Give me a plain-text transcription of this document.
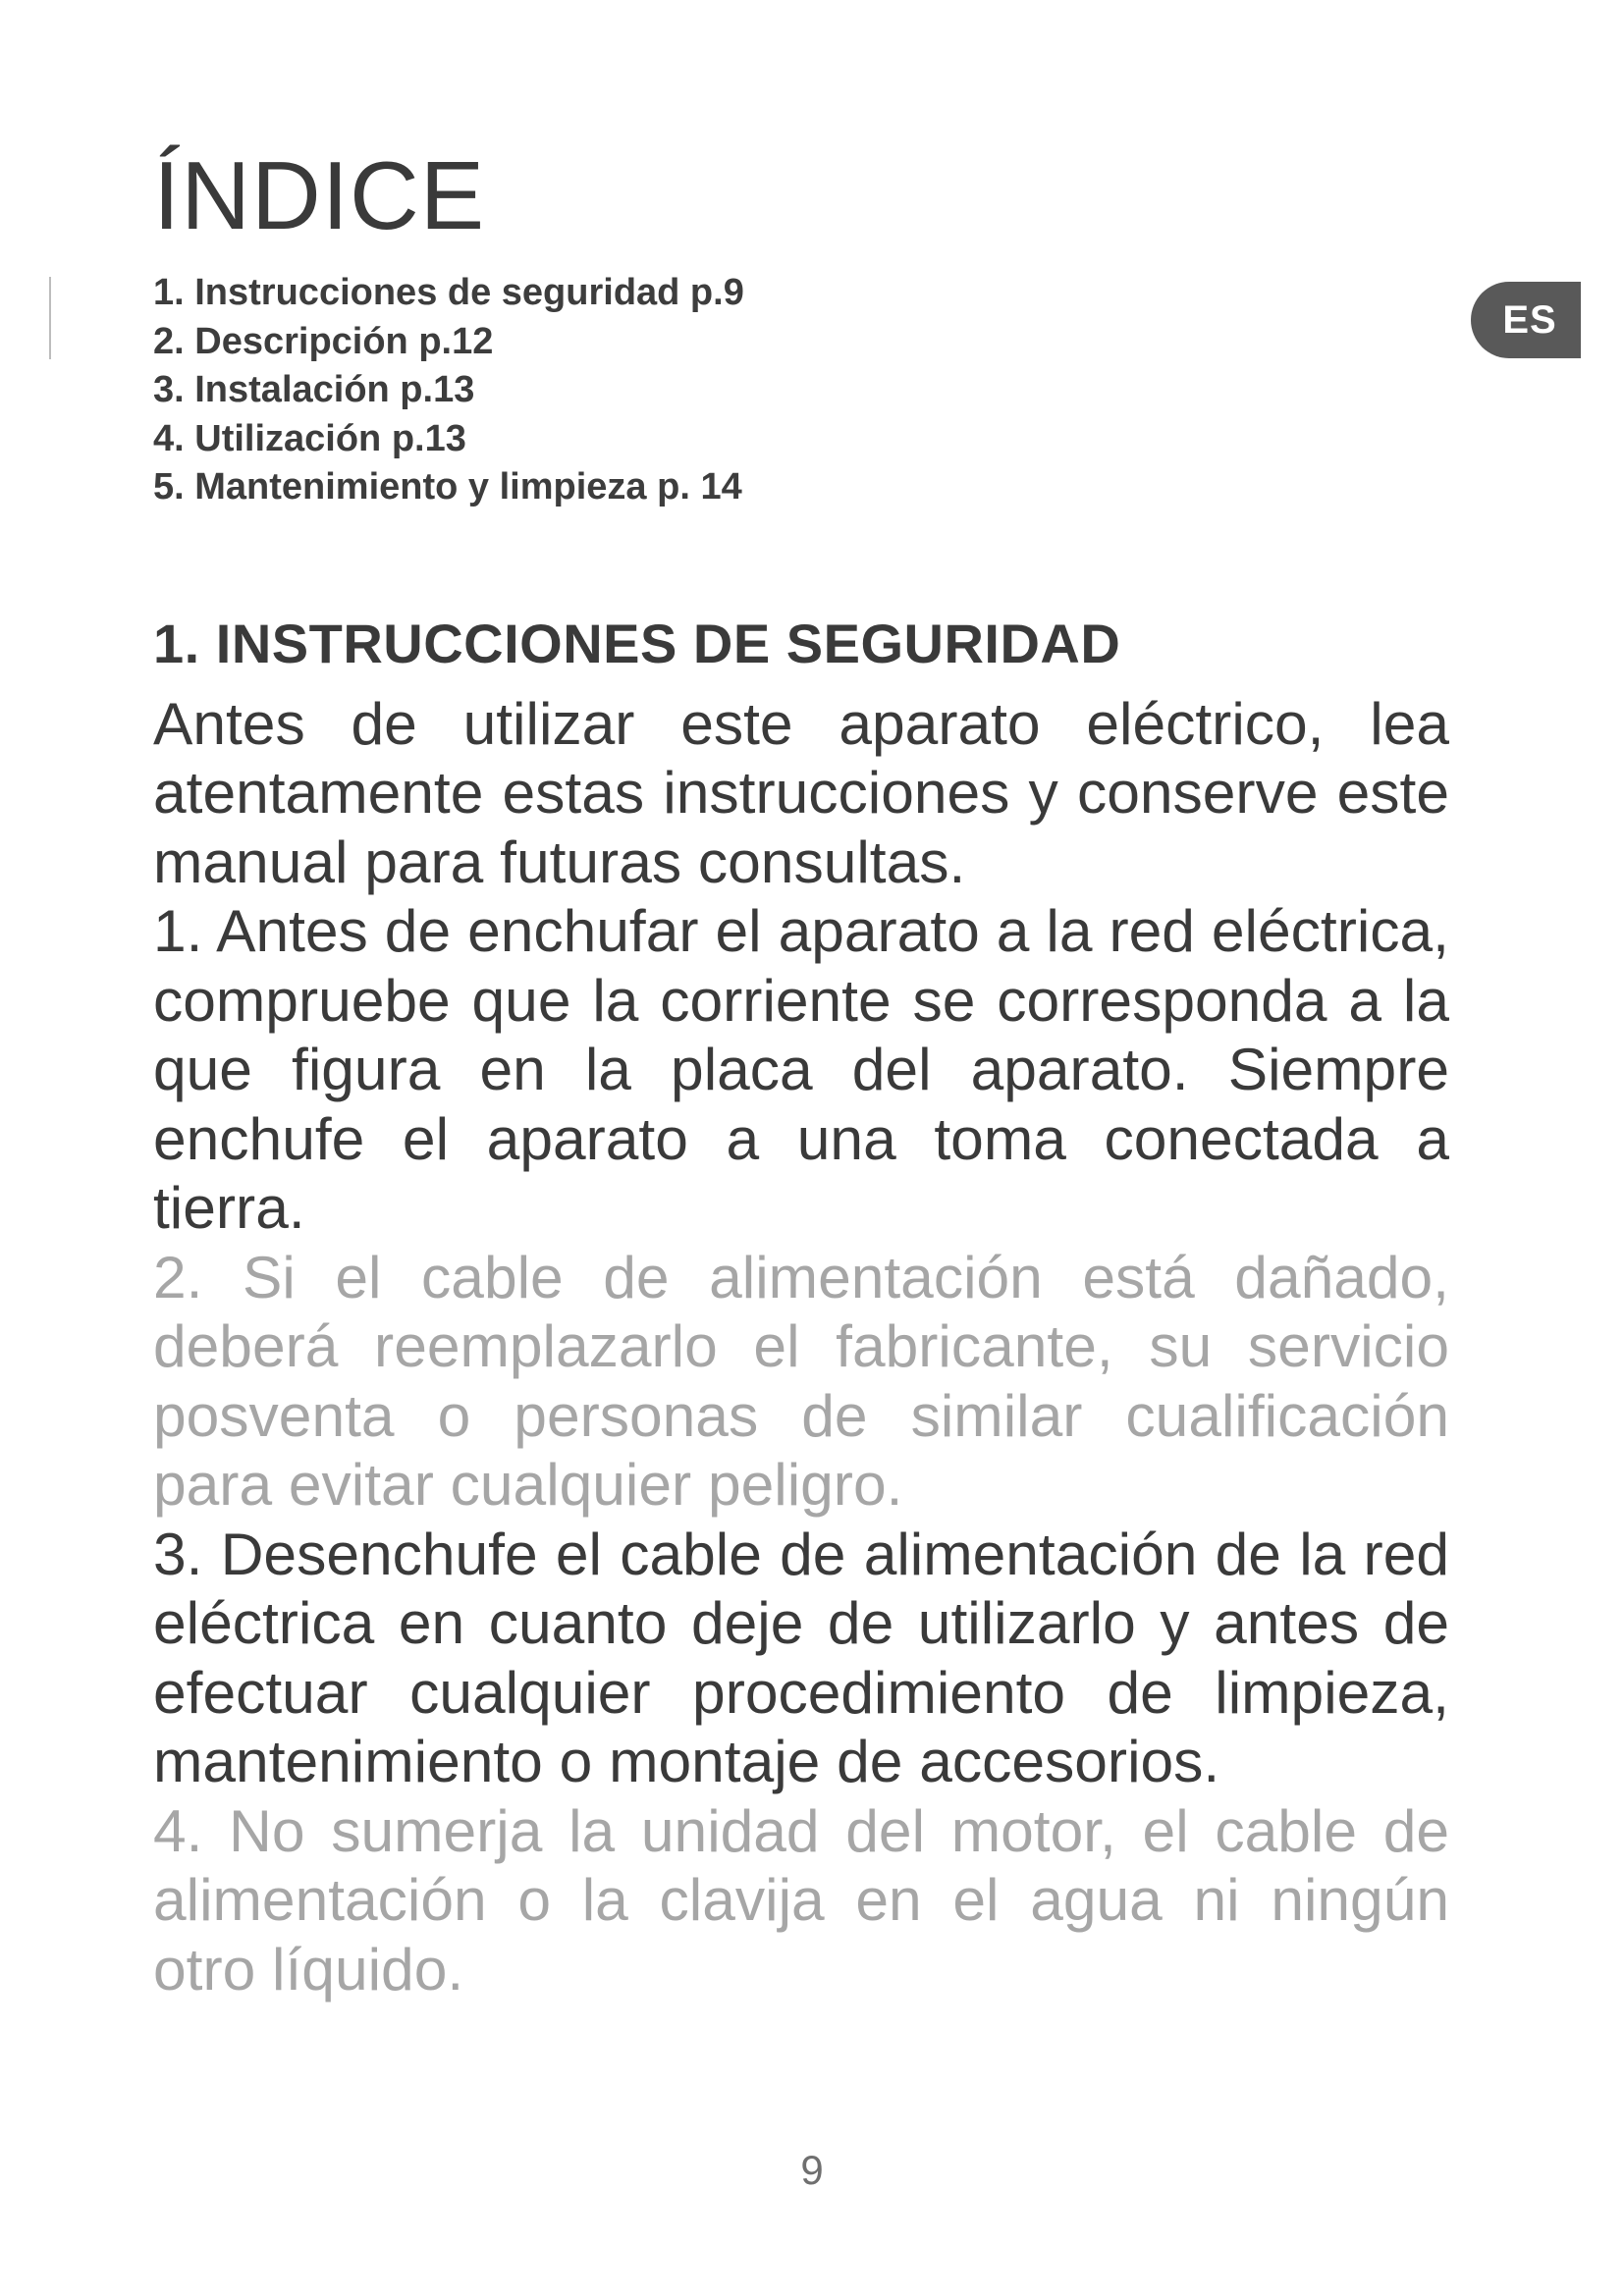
ES
ÍNDICE
1. Instrucciones de seguridad p.9
2. Descripción p.12
3. Instalación p.13
4. Utilización p.13
5. Mantenimiento y limpieza p. 14
1. INSTRUCCIONES DE SEGURIDAD

Antes de utilizar este aparato eléctrico, lea atentamente estas instrucciones y conserve este manual para futuras consultas.

1. Antes de enchufar el aparato a la red eléctrica, compruebe que la corriente se corresponda a la que figura en la placa del aparato. Siempre enchufe el aparato a una toma conectada a tierra.

2. Si el cable de alimentación está dañado, deberá reemplazarlo el fabricante, su servicio posventa o personas de similar cualificación para evitar cualquier peligro.

3. Desenchufe el cable de alimentación de la red eléctrica en cuanto deje de utilizarlo y antes de efectuar cualquier procedimiento de limpieza, mantenimiento o montaje de accesorios.

4. No sumerja la unidad del motor, el cable de alimentación o la clavija en el agua ni ningún otro líquido.

9
